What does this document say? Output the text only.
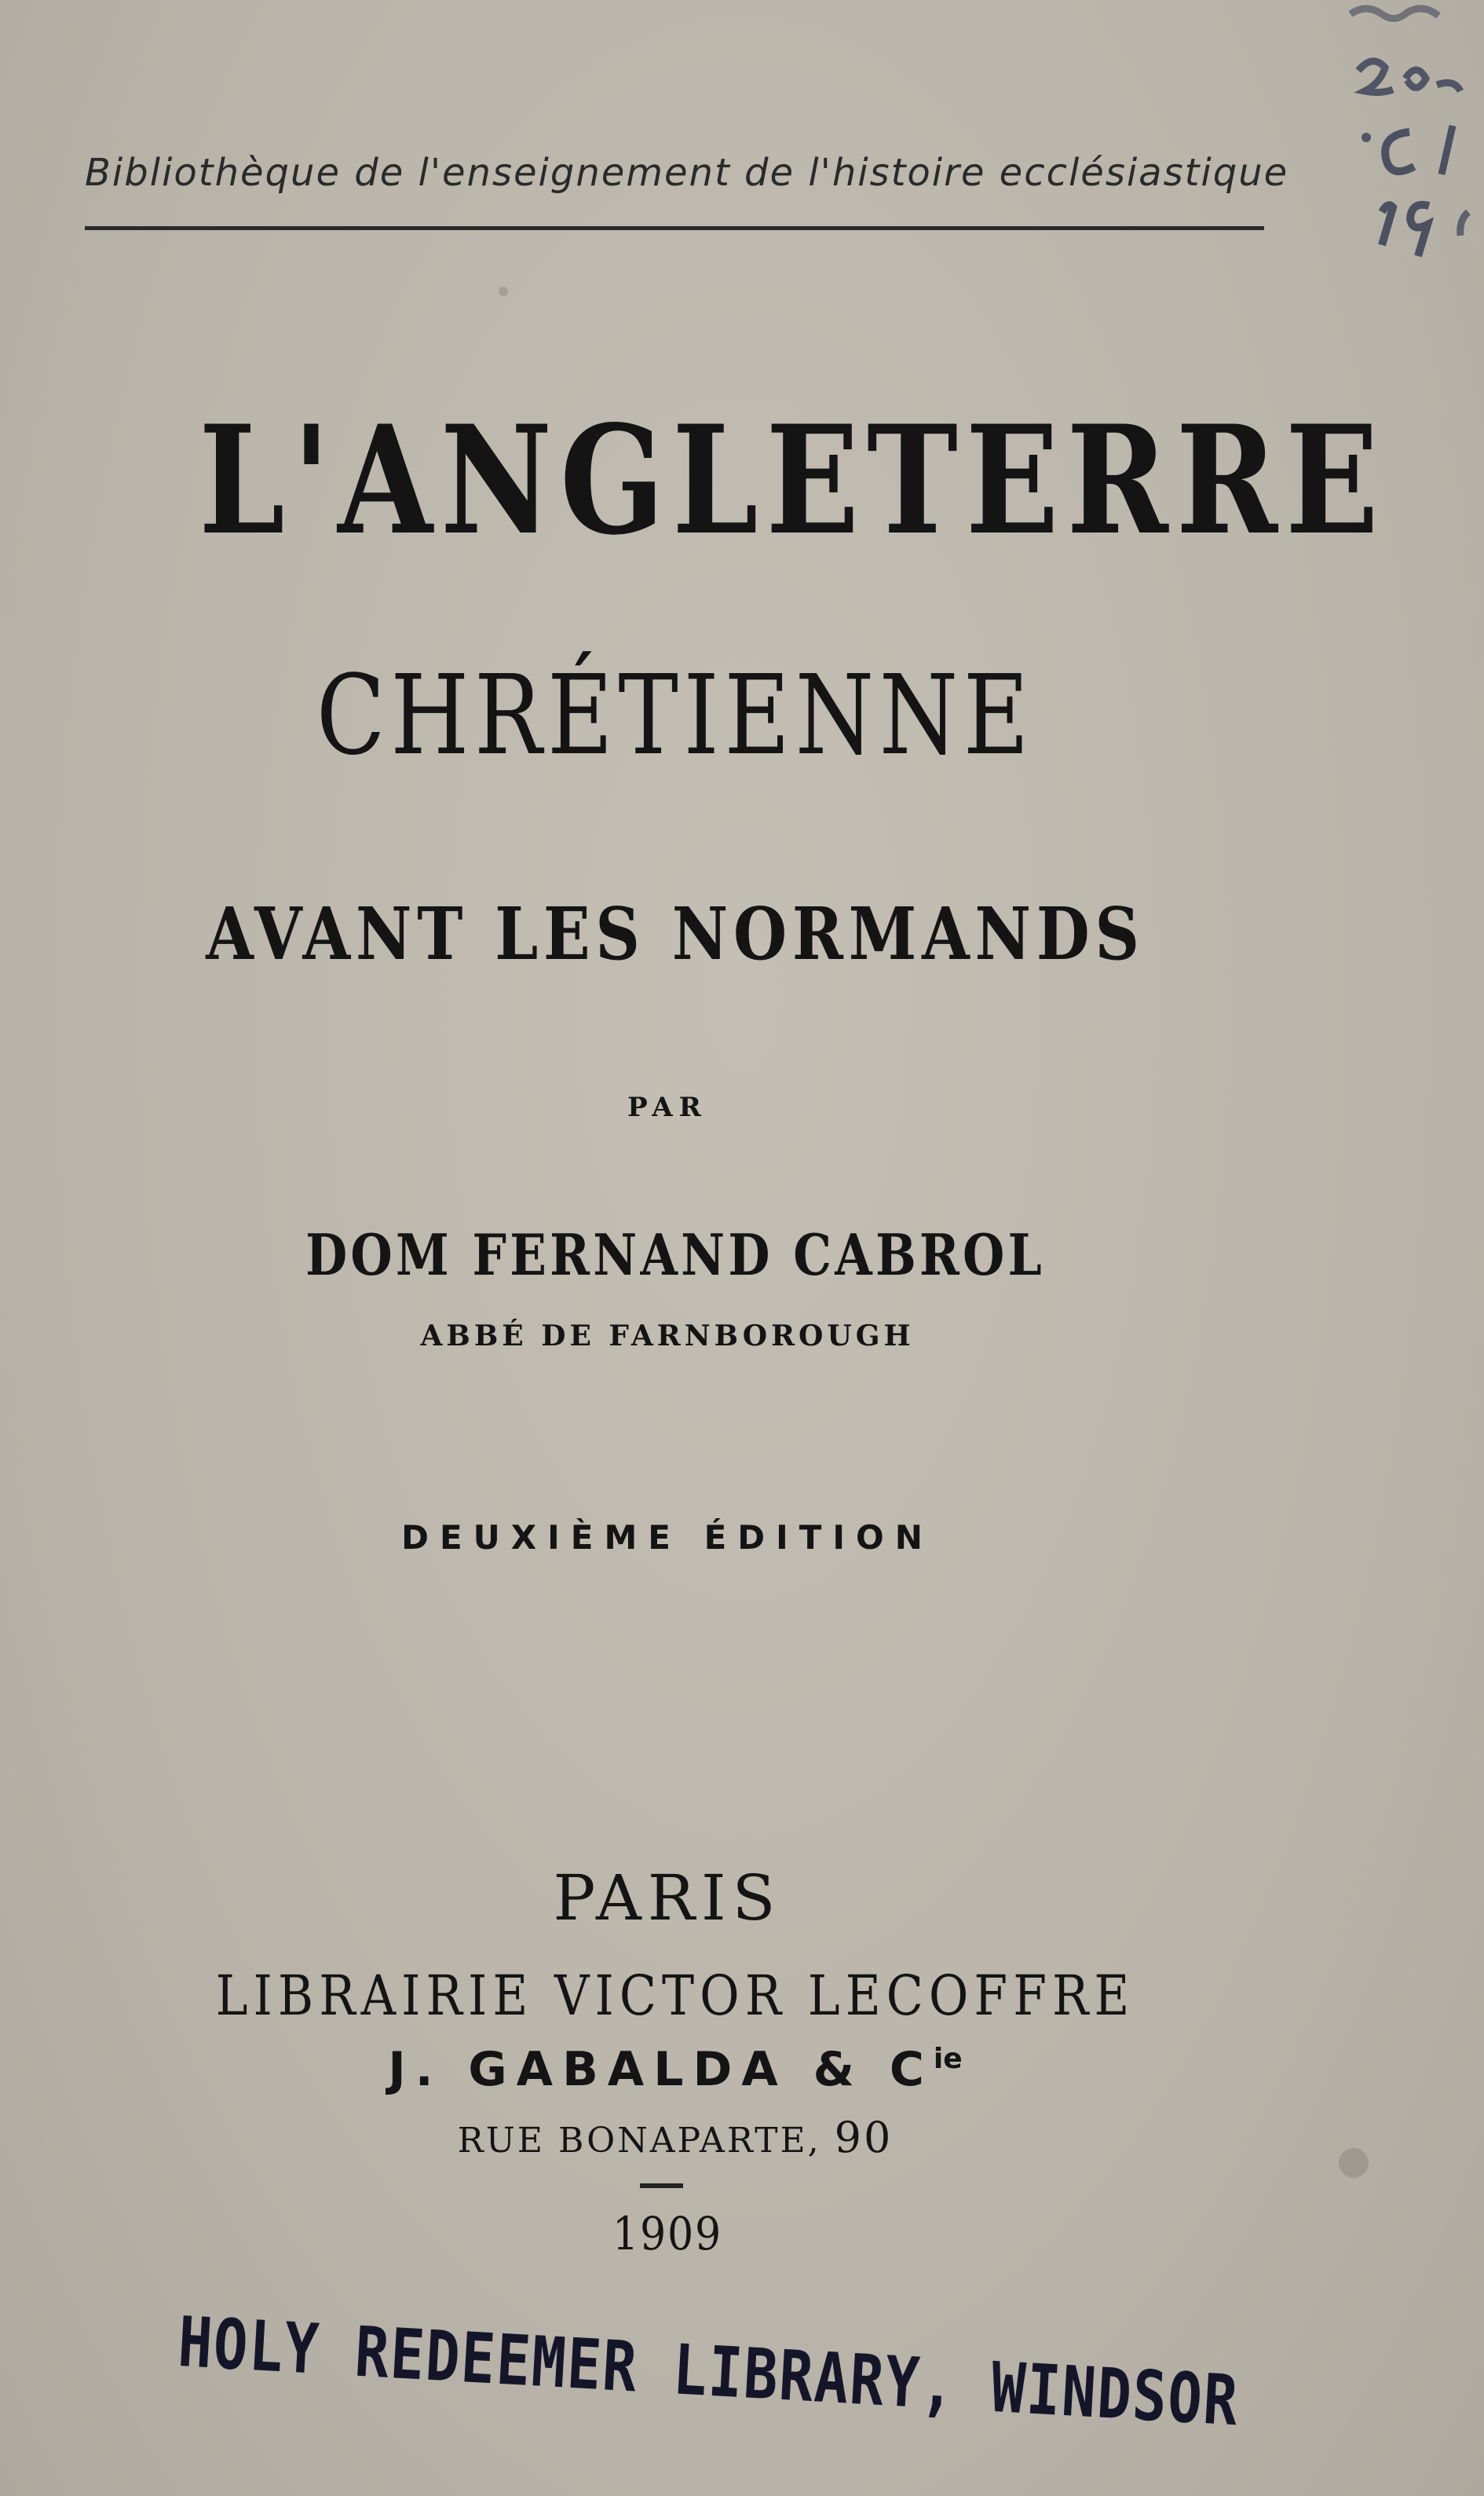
Bibliothèque de l'enseignement de l'histoire ecclésiastique
L'ANGLETERRE
CHRÉTIENNE
AVANT LES NORMANDS
PAR
DOM FERNAND CABROL
ABBÉ DE FARNBOROUGH
DEUXIÈME ÉDITION
PARIS
LIBRAIRIE VICTOR LECOFFRE
J. GABALDA & $C^{ie}$
RUE BONAPARTE, 90
1909
HOLY REDEEMER LIBRARY, WINDSOR
